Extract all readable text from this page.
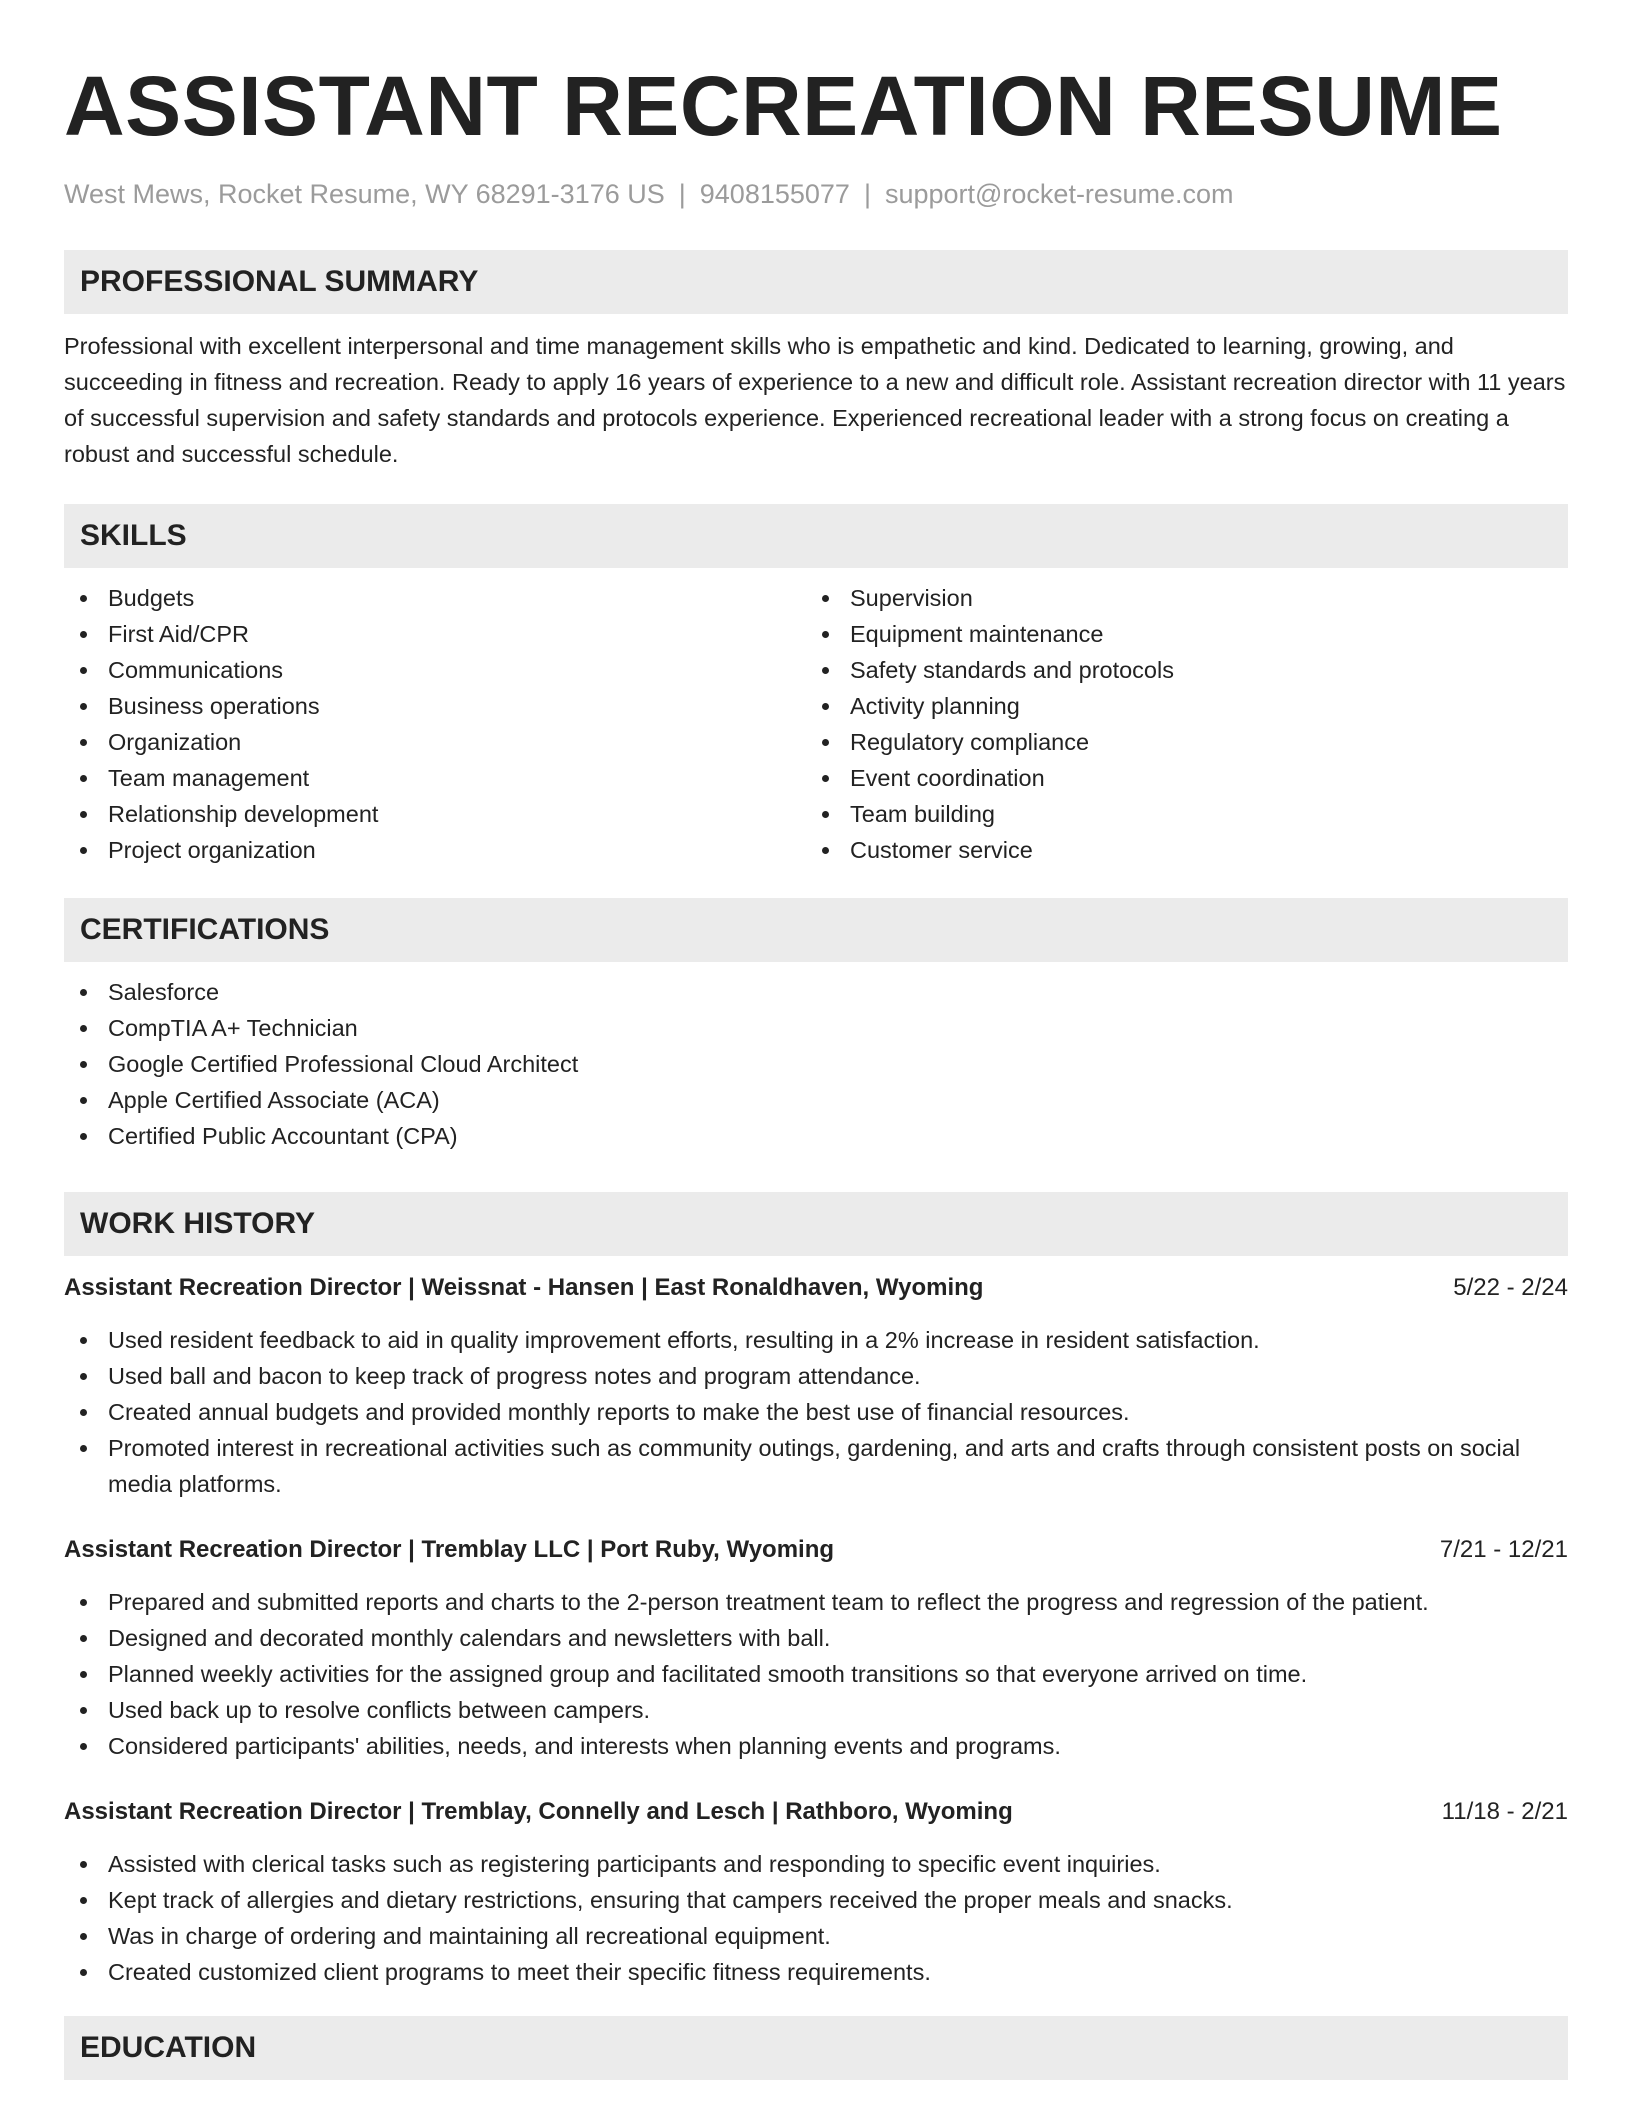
ASSISTANT RECREATION RESUME
West Mews, Rocket Resume, WY 68291-3176 US | 9408155077 | support@rocket-resume.com
PROFESSIONAL SUMMARY

Professional with excellent interpersonal and time management skills who is empathetic and kind. Dedicated to learning, growing, and succeeding in fitness and recreation. Ready to apply 16 years of experience to a new and difficult role. Assistant recreation director with 11 years of successful supervision and safety standards and protocols experience. Experienced recreational leader with a strong focus on creating a robust and successful schedule.

SKILLS
Budgets
First Aid/CPR
Communications
Business operations
Organization
Team management
Relationship development
Project organization
Supervision
Equipment maintenance
Safety standards and protocols
Activity planning
Regulatory compliance
Event coordination
Team building
Customer service
CERTIFICATIONS
Salesforce
CompTIA A+ Technician
Google Certified Professional Cloud Architect
Apple Certified Associate (ACA)
Certified Public Accountant (CPA)
WORK HISTORY
Assistant Recreation Director | Weissnat - Hansen | East Ronaldhaven, Wyoming	5/22 - 2/24
Used resident feedback to aid in quality improvement efforts, resulting in a 2% increase in resident satisfaction.
Used ball and bacon to keep track of progress notes and program attendance.
Created annual budgets and provided monthly reports to make the best use of financial resources.
Promoted interest in recreational activities such as community outings, gardening, and arts and crafts through consistent posts on social media platforms.
Assistant Recreation Director | Tremblay LLC | Port Ruby, Wyoming	7/21 - 12/21
Prepared and submitted reports and charts to the 2-person treatment team to reflect the progress and regression of the patient.
Designed and decorated monthly calendars and newsletters with ball.
Planned weekly activities for the assigned group and facilitated smooth transitions so that everyone arrived on time.
Used back up to resolve conflicts between campers.
Considered participants' abilities, needs, and interests when planning events and programs.
Assistant Recreation Director | Tremblay, Connelly and Lesch | Rathboro, Wyoming	11/18 - 2/21
Assisted with clerical tasks such as registering participants and responding to specific event inquiries.
Kept track of allergies and dietary restrictions, ensuring that campers received the proper meals and snacks.
Was in charge of ordering and maintaining all recreational equipment.
Created customized client programs to meet their specific fitness requirements.
EDUCATION
